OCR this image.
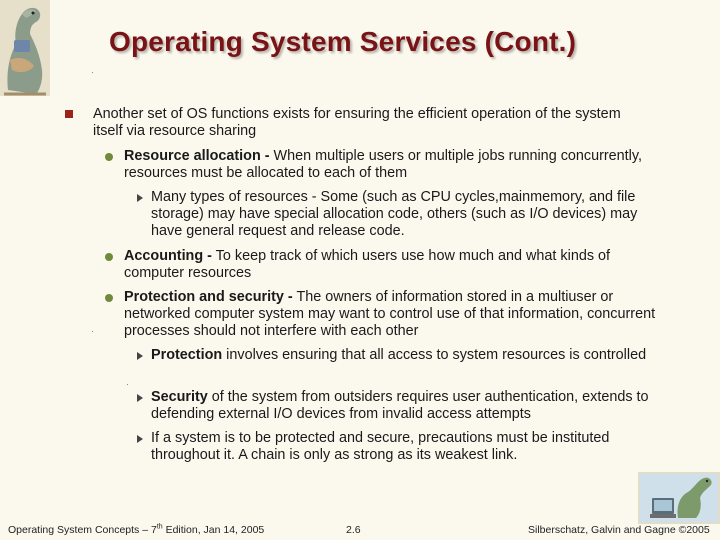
Operating System Services (Cont.)
Another set of OS functions exists for ensuring the efficient operation of the system itself via resource sharing
Resource allocation - When multiple users or multiple jobs running concurrently, resources must be allocated to each of them
Many types of resources - Some (such as CPU cycles,mainmemory, and file storage) may have special allocation code, others (such as I/O devices) may have general request and release code.
Accounting - To keep track of which users use how much and what kinds of computer resources
Protection and security - The owners of information stored in a multiuser or networked computer system may want to control use of that information, concurrent processes should not interfere with each other
Protection involves ensuring that all access to system resources is controlled
Security of the system from outsiders requires user authentication, extends to defending external I/O devices from invalid access attempts
If a system is to be protected and secure, precautions must be instituted throughout it. A chain is only as strong as its weakest link.
Operating System Concepts – 7th Edition, Jan 14, 2005	2.6	Silberschatz, Galvin and Gagne ©2005
